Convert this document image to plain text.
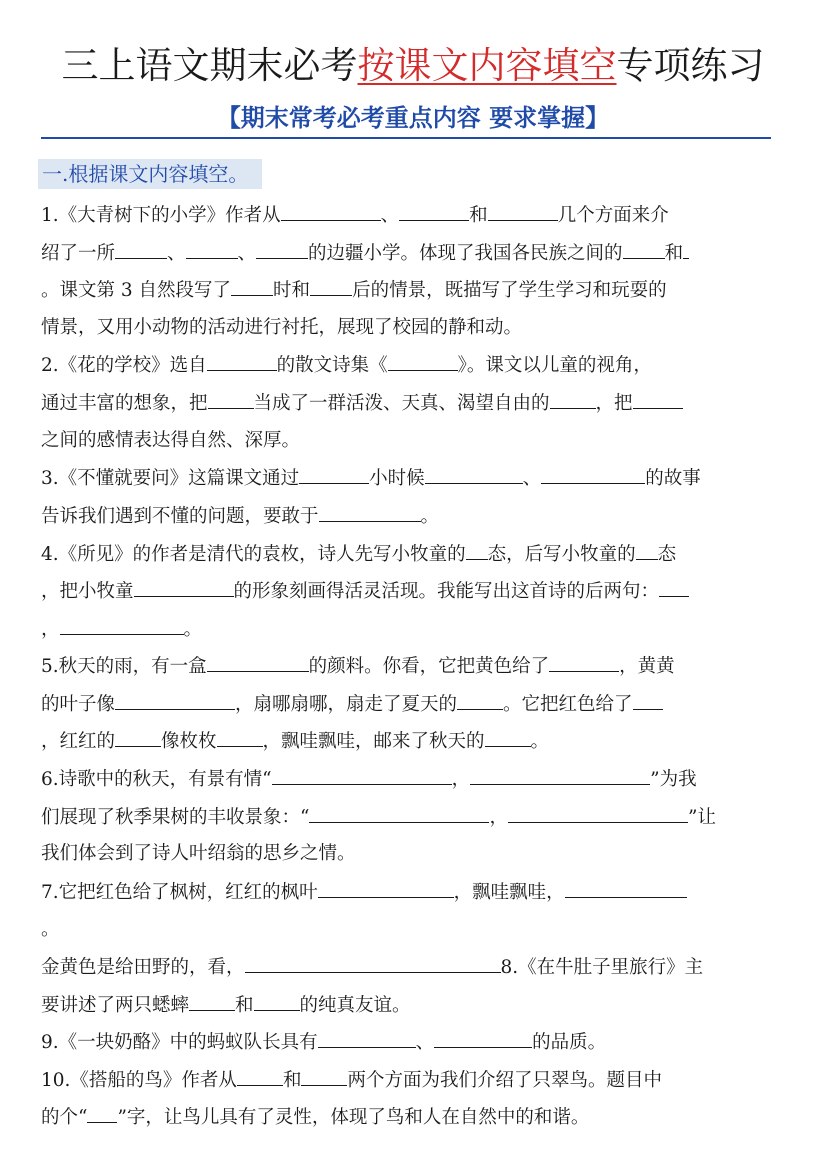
三上语文期末必考按课文内容填空专项练习
【期末常考必考重点内容 要求掌握】
一.根据课文内容填空。
1.《大青树下的小学》作者从	、	和	几个方面来介
绍了一所	、	、	的边疆小学。体现了我国各民族之间的 和
。课文第 3 自然段写了 时和 后的情景，既描写了学生学习和玩耍的
情景，又用小动物的活动进行衬托，展现了校园的静和动。
2.《花的学校》选自	的散文诗集《	》。课文以儿童的视角，
通过丰富的想象，把 当成了一群活泼、天真、渴望自由的 ，把
之间的感情表达得自然、深厚。
3.《不懂就要问》这篇课文通过	小时候	、	的故事
告诉我们遇到不懂的问题，要敢于	。
4.《所见》的作者是清代的袁枚，诗人先写小牧童的 态，后写小牧童的 态
，把小牧童	的形象刻画得活灵活现。我能写出这首诗的后两句：
，	。
5.秋天的雨，有一盒	的颜料。你看，它把黄色给了	，黄黄
的叶子像	，扇哪扇哪，扇走了夏天的 。它把红色给了
，红红的 像枚枚 ，飘哇飘哇，邮来了秋天的 。
6.诗歌中的秋天，有景有情“	，	”为我
们展现了秋季果树的丰收景象：“	，	”让
我们体会到了诗人叶绍翁的思乡之情。
7.它把红色给了枫树，红红的枫叶	，飘哇飘哇，
。
金黄色是给田野的，看，	8.《在牛肚子里旅行》主
要讲述了两只蟋蟀 和 的纯真友谊。
9.《一块奶酪》中的蚂蚁队长具有	、	的品质。
10.《搭船的鸟》作者从 和 两个方面为我们介绍了只翠鸟。题目中
的个“ ”字，让鸟儿具有了灵性，体现了鸟和人在自然中的和谐。
